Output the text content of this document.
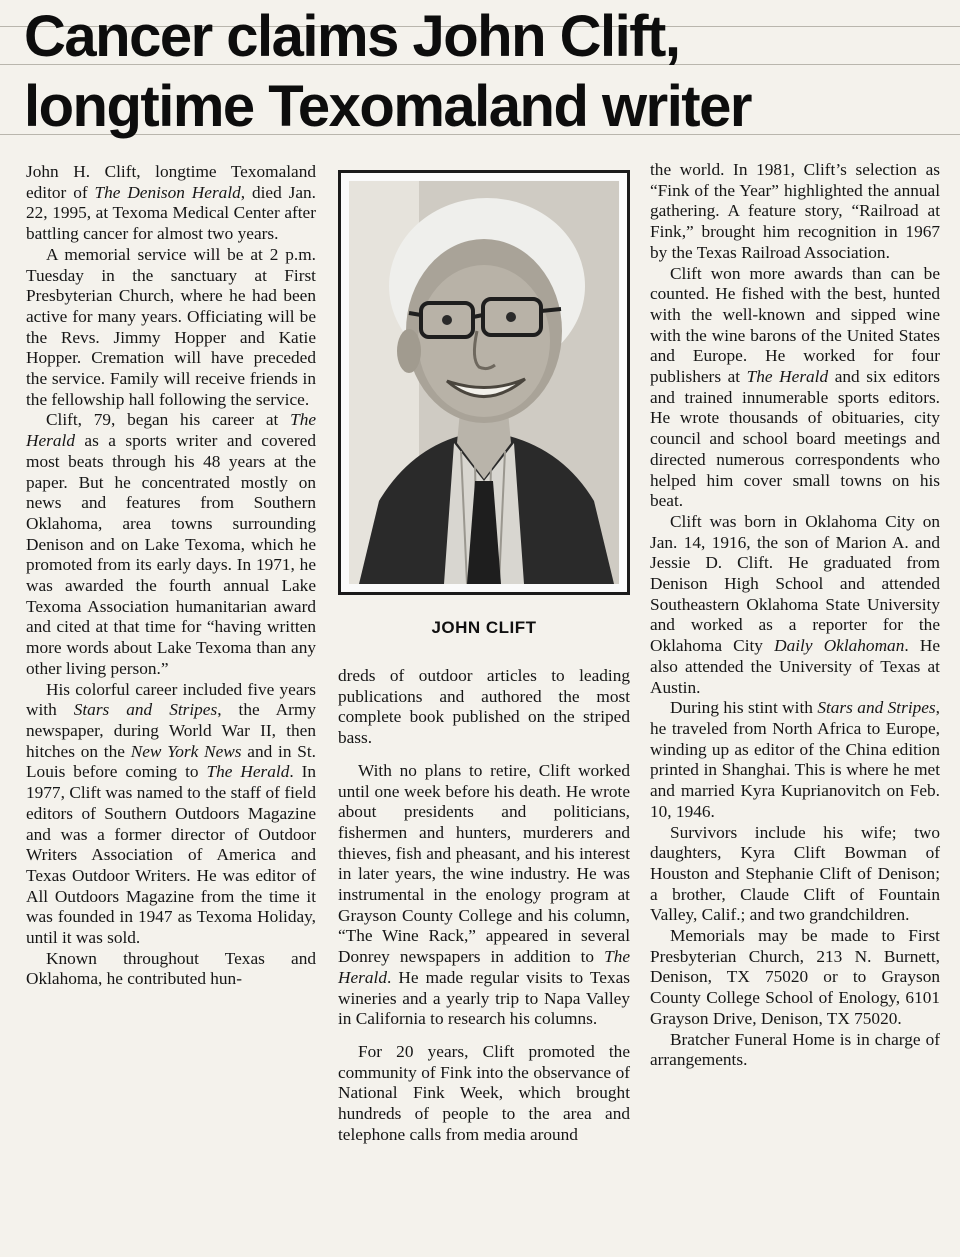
Cancer claims John Clift,
longtime Texomaland writer

John H. Clift, longtime Texomaland editor of The Denison Herald, died Jan. 22, 1995, at Texoma Medical Center after battling cancer for almost two years.

A memorial service will be at 2 p.m. Tuesday in the sanctuary at First Presbyterian Church, where he had been active for many years. Officiating will be the Revs. Jimmy Hopper and Katie Hopper. Cremation will have preceded the service. Family will receive friends in the fellowship hall following the service.

Clift, 79, began his career at The Herald as a sports writer and covered most beats through his 48 years at the paper. But he concentrated mostly on news and features from Southern Oklahoma, area towns surrounding Denison and on Lake Texoma, which he promoted from its early days. In 1971, he was awarded the fourth annual Lake Texoma Association humanitarian award and cited at that time for “having written more words about Lake Texoma than any other living person.”

His colorful career included five years with Stars and Stripes, the Army newspaper, during World War II, then hitches on the New York News and in St. Louis before coming to The Herald. In 1977, Clift was named to the staff of field editors of Southern Outdoors Magazine and was a former director of Outdoor Writers Association of America and Texas Outdoor Writers. He was editor of All Outdoors Magazine from the time it was founded in 1947 as Texoma Holiday, until it was sold.

Known throughout Texas and Oklahoma, he contributed hun-

JOHN CLIFT

dreds of outdoor articles to leading publications and authored the most complete book published on the striped bass.

With no plans to retire, Clift worked until one week before his death. He wrote about presidents and politicians, fishermen and hunters, murderers and thieves, fish and pheasant, and his interest in later years, the wine industry. He was instrumental in the enology program at Grayson County College and his column, “The Wine Rack,” appeared in several Donrey newspapers in addition to The Herald. He made regular visits to Texas wineries and a yearly trip to Napa Valley in California to research his columns.

For 20 years, Clift promoted the community of Fink into the observance of National Fink Week, which brought hundreds of people to the area and telephone calls from media around

the world. In 1981, Clift’s selection as “Fink of the Year” highlighted the annual gathering. A feature story, “Railroad at Fink,” brought him recognition in 1967 by the Texas Railroad Association.

Clift won more awards than can be counted. He fished with the best, hunted with the well-known and sipped wine with the wine barons of the United States and Europe. He worked for four publishers at The Herald and six editors and trained innumerable sports editors. He wrote thousands of obituaries, city council and school board meetings and directed numerous correspondents who helped him cover small towns on his beat.

Clift was born in Oklahoma City on Jan. 14, 1916, the son of Marion A. and Jessie D. Clift. He graduated from Denison High School and attended Southeastern Oklahoma State University and worked as a reporter for the Oklahoma City Daily Oklahoman. He also attended the University of Texas at Austin.

During his stint with Stars and Stripes, he traveled from North Africa to Europe, winding up as editor of the China edition printed in Shanghai. This is where he met and married Kyra Kuprianovitch on Feb. 10, 1946.

Survivors include his wife; two daughters, Kyra Clift Bowman of Houston and Stephanie Clift of Denison; a brother, Claude Clift of Fountain Valley, Calif.; and two grandchildren.

Memorials may be made to First Presbyterian Church, 213 N. Burnett, Denison, TX 75020 or to Grayson County College School of Enology, 6101 Grayson Drive, Denison, TX 75020.

Bratcher Funeral Home is in charge of arrangements.
